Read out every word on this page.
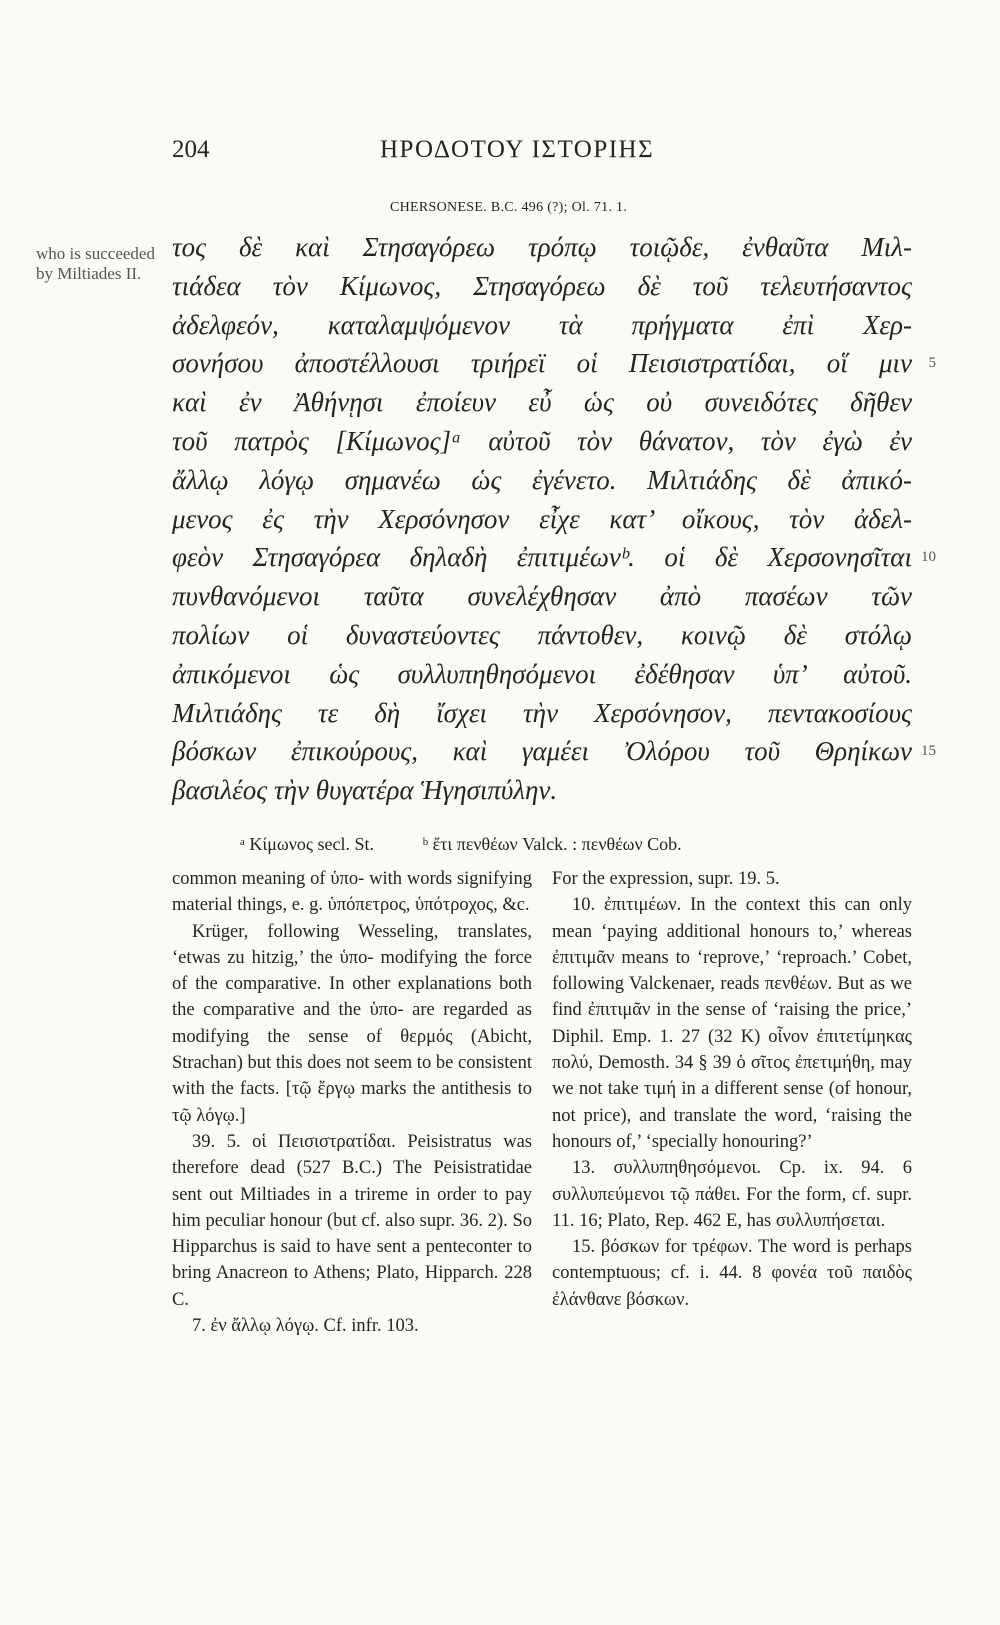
204	ΗΡΟΔΟΤΟΥ ΙΣΤΟΡΙΗΣ
CHERSONESE. B.C. 496 (?); Ol. 71. 1.
who is succeeded by Miltiades II.
τος δὲ καὶ Στησαγόρεω τρόπῳ τοιῷδε, ἐνθαῦτα Μιλ-
τιάδεα τὸν Κίμωνος, Στησαγόρεω δὲ τοῦ τελευτήσαντος
ἀδελφεόν, καταλαμψόμενον τὰ πρήγματα ἐπὶ Χερ-
σονήσου ἀποστέλλουσι τριήρεϊ οἱ Πεισιστρατίδαι, οἵ μιν 5
καὶ ἐν Ἀθήνῃσι ἐποίευν εὖ ὡς οὐ συνειδότες δῆθεν
τοῦ πατρὸς [Κίμωνος]ᵃ αὐτοῦ τὸν θάνατον, τὸν ἐγὼ ἐν
ἄλλῳ λόγῳ σημανέω ὡς ἐγένετο. Μιλτιάδης δὲ ἀπικό-
μενος ἐς τὴν Χερσόνησον εἶχε κατ’ οἴκους, τὸν ἀδελ-
φεὸν Στησαγόρεα δηλαδὴ ἐπιτιμέωνᵇ. οἱ δὲ Χερσονησῖται 10
πυνθανόμενοι ταῦτα συνελέχθησαν ἀπὸ πασέων τῶν
πολίων οἱ δυναστεύοντες πάντοθεν, κοινῷ δὲ στόλῳ
ἀπικόμενοι ὡς συλλυπηθησόμενοι ἐδέθησαν ὑπ’ αὐτοῦ.
Μιλτιάδης τε δὴ ἴσχει τὴν Χερσόνησον, πεντακοσίους
βόσκων ἐπικούρους, καὶ γαμέει Ὀλόρου τοῦ Θρηίκων 15
βασιλέος τὴν θυγατέρα Ἡγησιπύλην.
ᵃ Κίμωνος secl. St.	ᵇ ἔτι πενθέων Valck. : πενθέων Cob.

common meaning of ὑπο- with words signifying material things, e. g. ὑπόπετρος, ὑπότροχος, &c.

Krüger, following Wesseling, translates, ‘etwas zu hitzig,’ the ὑπο- modifying the force of the comparative. In other explanations both the comparative and the ὑπο- are regarded as modifying the sense of θερμός (Abicht, Strachan) but this does not seem to be consistent with the facts. [τῷ ἔργῳ marks the antithesis to τῷ λόγῳ.]

39. 5. οἱ Πεισιστρατίδαι. Peisistratus was therefore dead (527 B.C.) The Peisistratidae sent out Miltiades in a trireme in order to pay him peculiar honour (but cf. also supr. 36. 2). So Hipparchus is said to have sent a penteconter to bring Anacreon to Athens; Plato, Hipparch. 228 C.

7. ἐν ἄλλῳ λόγῳ. Cf. infr. 103.

For the expression, supr. 19. 5.

10. ἐπιτιμέων. In the context this can only mean ‘paying additional honours to,’ whereas ἐπιτιμᾶν means to ‘reprove,’ ‘reproach.’ Cobet, following Valckenaer, reads πενθέων. But as we find ἐπιτιμᾶν in the sense of ‘raising the price,’ Diphil. Emp. 1. 27 (32 K) οἶνον ἐπιτετίμηκας πολύ, Demosth. 34 § 39 ὁ σῖτος ἐπετιμήθη, may we not take τιμή in a different sense (of honour, not price), and translate the word, ‘raising the honours of,’ ‘specially honouring?’

13. συλλυπηθησόμενοι. Cp. ix. 94. 6 συλλυπεύμενοι τῷ πάθει. For the form, cf. supr. 11. 16; Plato, Rep. 462 E, has συλλυπήσεται.

15. βόσκων for τρέφων. The word is perhaps contemptuous; cf. i. 44. 8 φονέα τοῦ παιδὸς ἐλάνθανε βόσκων.
